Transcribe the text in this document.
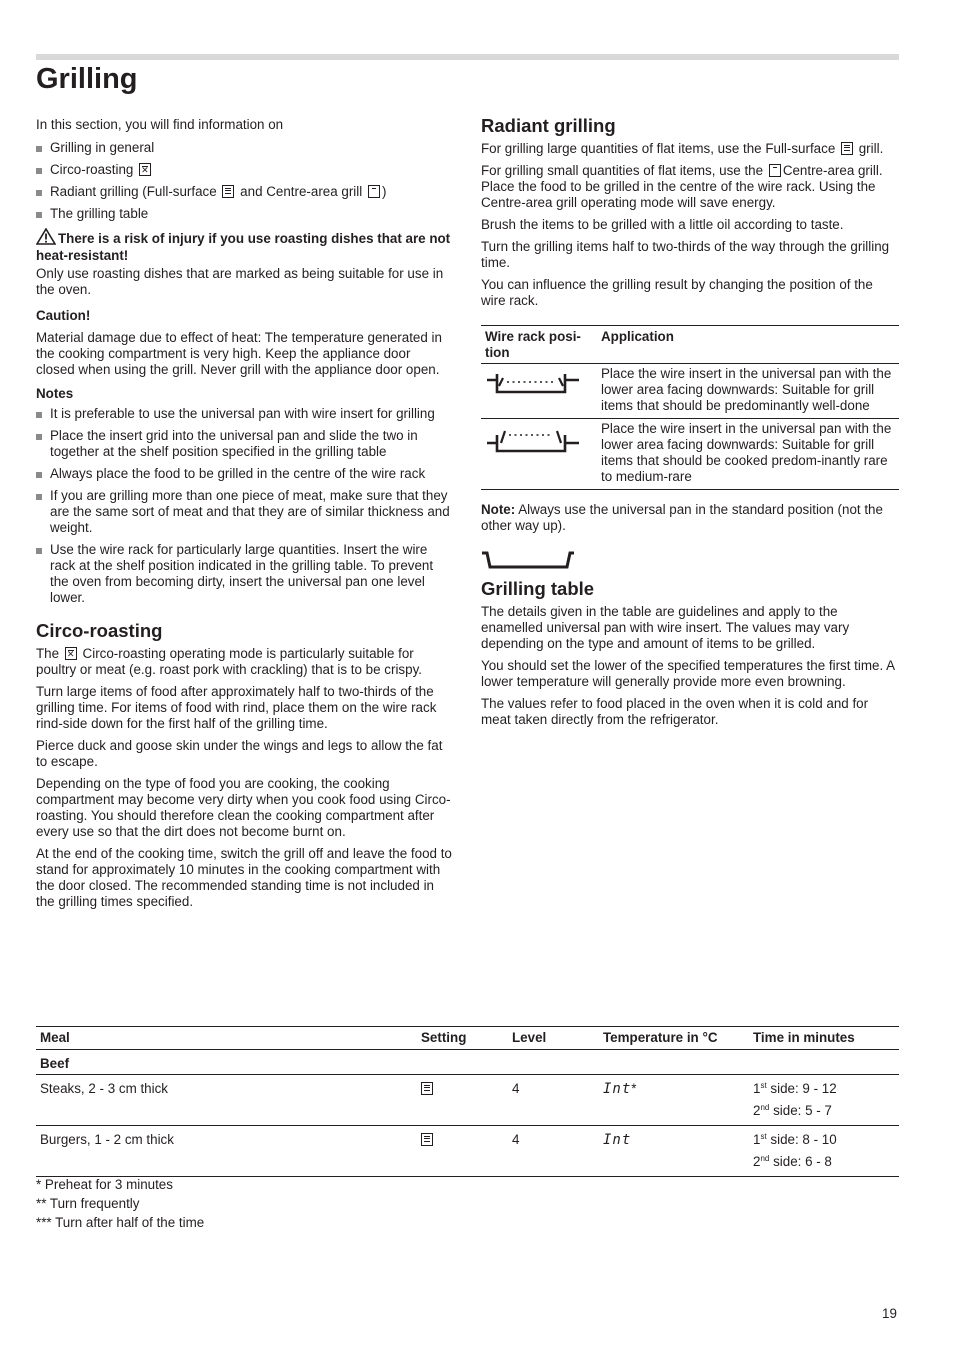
Grilling

In this section, you will find information on

Grilling in general
Circo-roasting ✕
Radiant grilling (Full-surface and Centre-area grill )
The grilling table
There is a risk of injury if you use roasting dishes that are not heat-resistant!

Only use roasting dishes that are marked as being suitable for use in the oven.

Caution!

Material damage due to effect of heat: The temperature generated in the cooking compartment is very high. Keep the appliance door closed when using the grill. Never grill with the appliance door open.

Notes
It is preferable to use the universal pan with wire insert for grilling
Place the insert grid into the universal pan and slide the two in together at the shelf position specified in the grilling table
Always place the food to be grilled in the centre of the wire rack
If you are grilling more than one piece of meat, make sure that they are the same sort of meat and that they are of similar thickness and weight.
Use the wire rack for particularly large quantities. Insert the wire rack at the shelf position indicated in the grilling table. To prevent the oven from becoming dirty, insert the universal pan one level lower.
Circo-roasting

The ✕ Circo-roasting operating mode is particularly suitable for poultry or meat (e.g. roast pork with crackling) that is to be crispy.

Turn large items of food after approximately half to two-thirds of the grilling time. For items of food with rind, place them on the wire rack rind-side down for the first half of the grilling time.

Pierce duck and goose skin under the wings and legs to allow the fat to escape.

Depending on the type of food you are cooking, the cooking compartment may become very dirty when you cook food using Circo-roasting. You should therefore clean the cooking compartment after every use so that the dirt does not become burnt on.

At the end of the cooking time, switch the grill off and leave the food to stand for approximately 10 minutes in the cooking compartment with the door closed. The recommended standing time is not included in the grilling times specified.

Radiant grilling

For grilling large quantities of flat items, use the Full-surface grill.

For grilling small quantities of flat items, use the Centre-area grill. Place the food to be grilled in the centre of the wire rack. Using the Centre-area grill operating mode will save energy.

Brush the items to be grilled with a little oil according to taste.

Turn the grilling items half to two-thirds of the way through the grilling time.

You can influence the grilling result by changing the position of the wire rack.

Wire rack posi-
tion	Application
	Place the wire insert in the universal pan with the lower area facing downwards: Suitable for grill items that should be predominantly well-done
	Place the wire insert in the universal pan with the lower area facing downwards: Suitable for grill items that should be cooked predom-inantly rare to medium-rare

Note: Always use the universal pan in the standard position (not the other way up).

Grilling table

The details given in the table are guidelines and apply to the enamelled universal pan with wire insert. The values may vary depending on the type and amount of items to be grilled.

You should set the lower of the specified temperatures the first time. A lower temperature will generally provide more even browning.

The values refer to food placed in the oven when it is cold and for meat taken directly from the refrigerator.

Meal	Setting	Level	Temperature in °C	Time in minutes
Beef				
Steaks, 2 - 3 cm thick		4	Int*	1st side: 9 - 12
2nd side: 5 - 7

Burgers, 1 - 2 cm thick		4	Int	1st side: 8 - 10
2nd side: 6 - 8
* Preheat for 3 minutes
** Turn frequently
*** Turn after half of the time
19
